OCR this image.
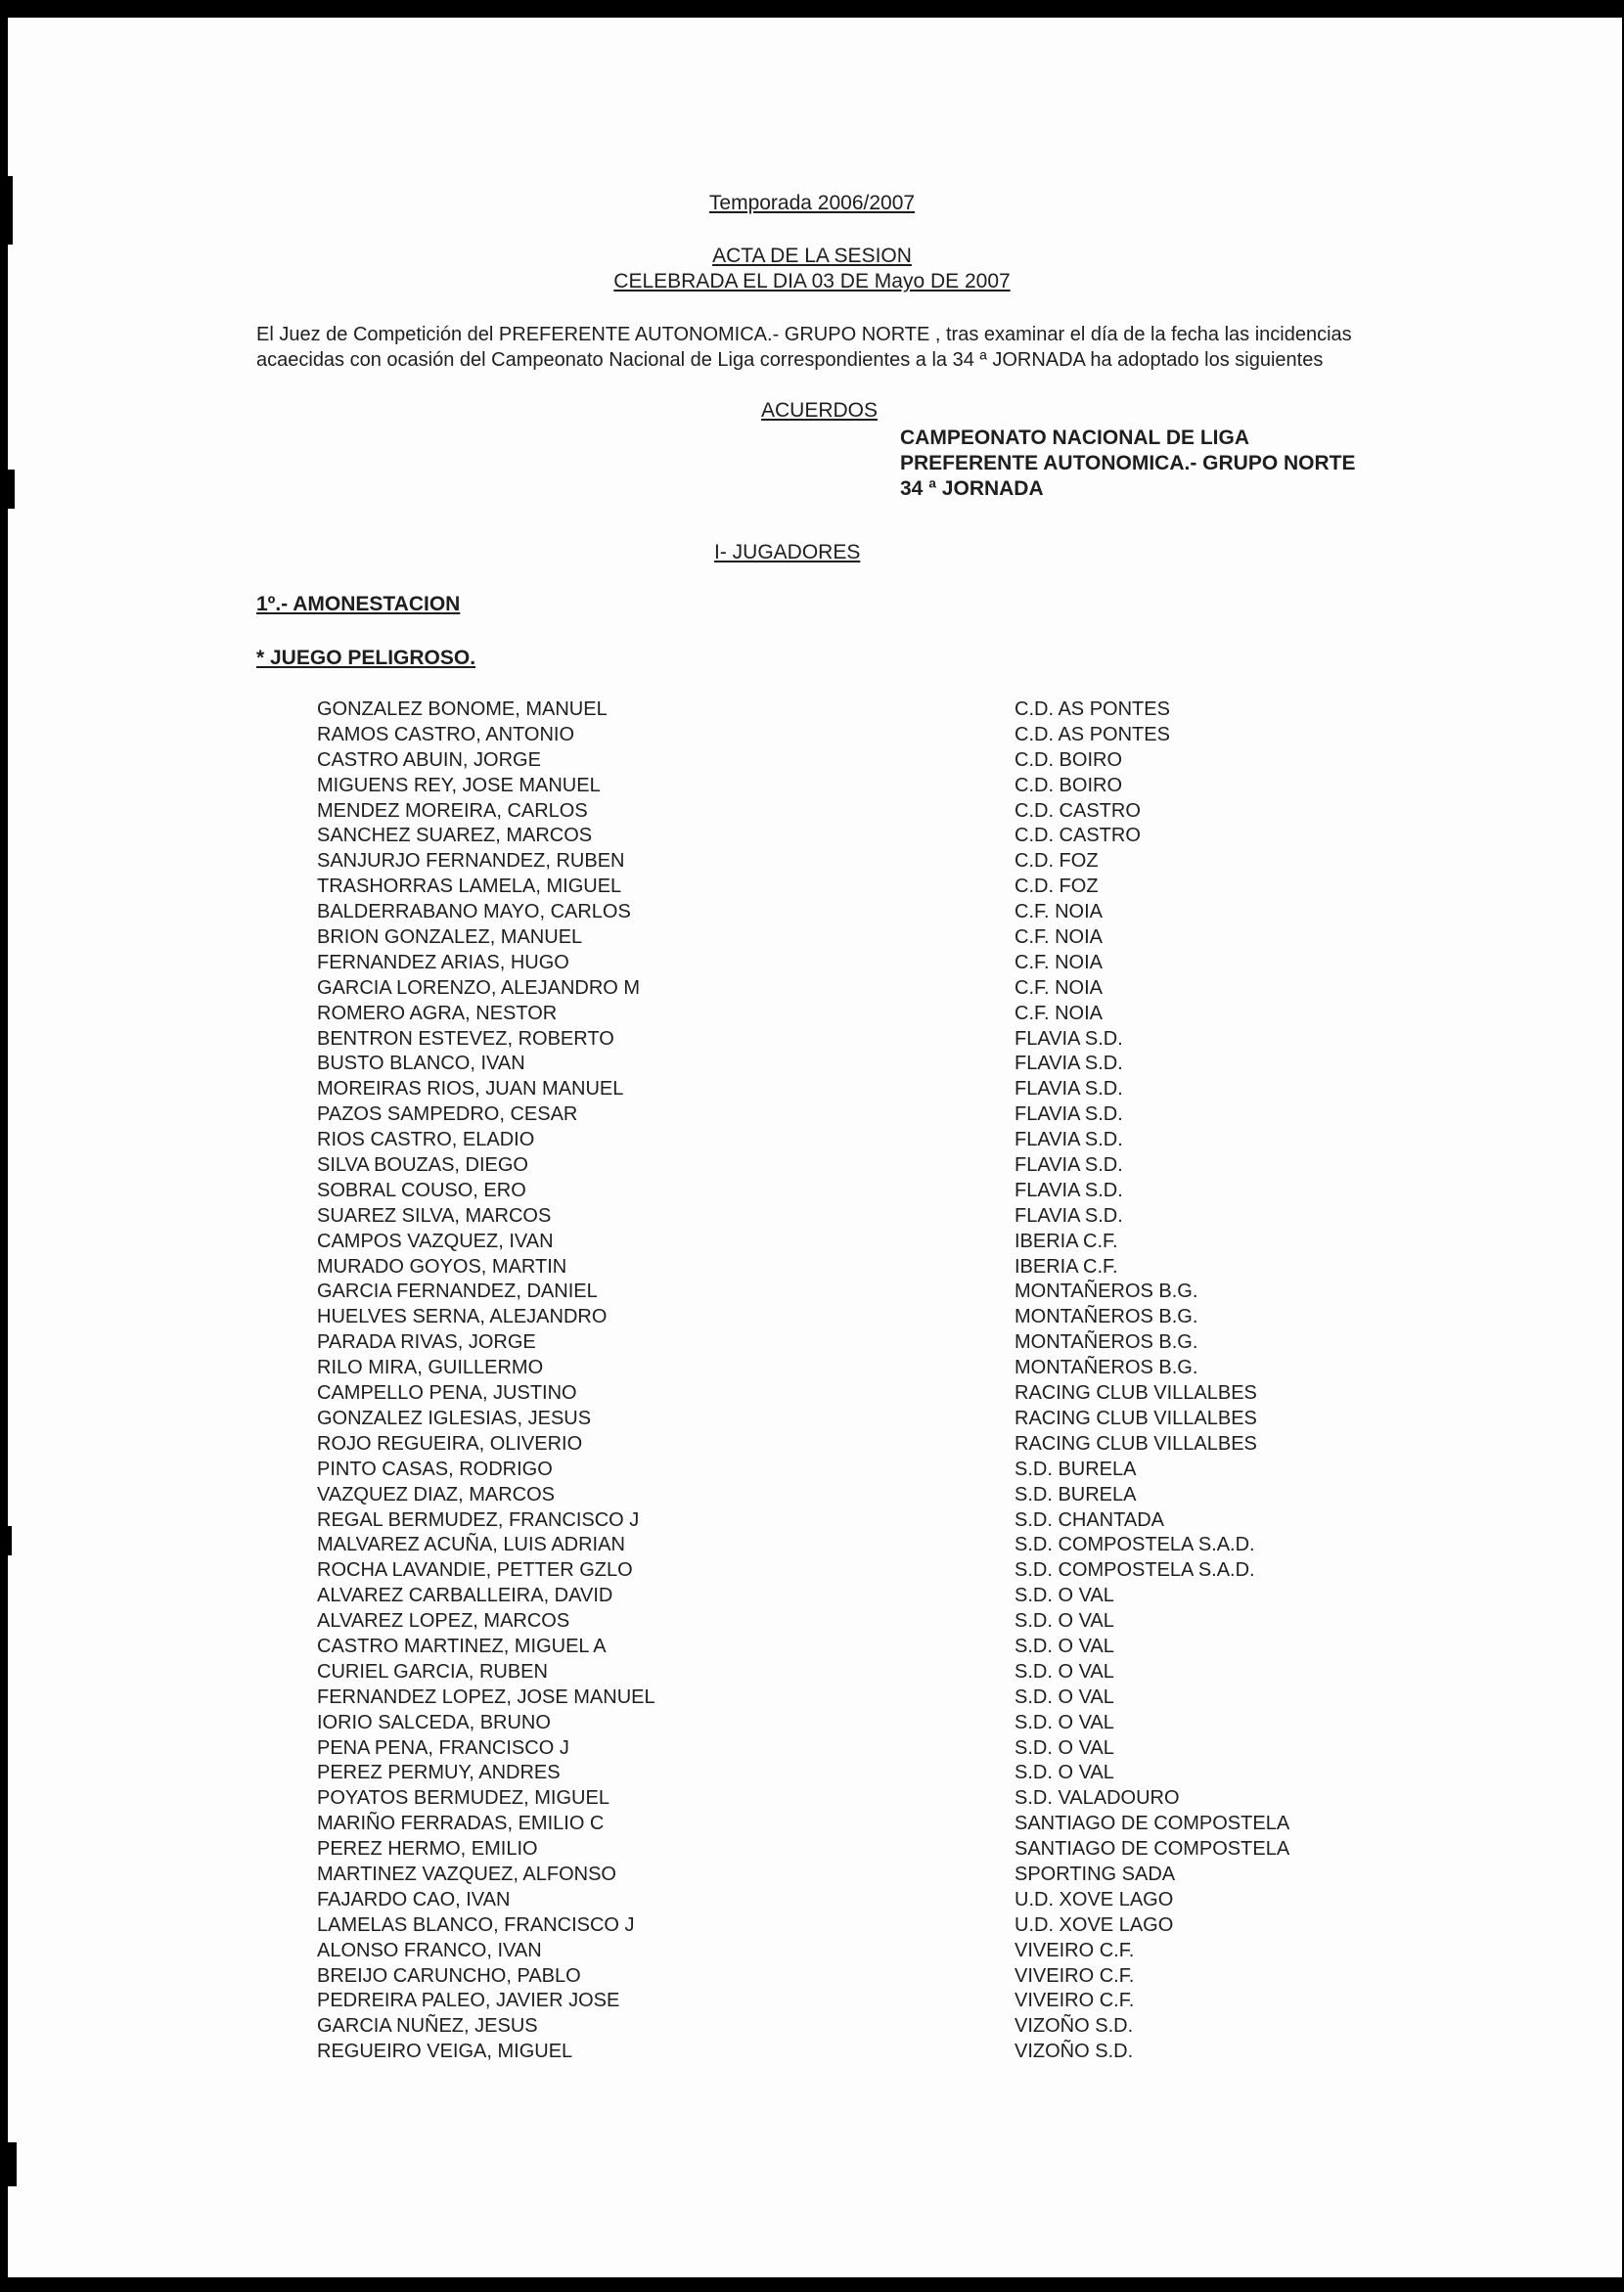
Temporada 2006/2007
ACTA DE LA SESION
CELEBRADA EL DIA 03 DE Mayo DE 2007
El Juez de Competición del PREFERENTE AUTONOMICA.- GRUPO NORTE , tras examinar el día de la fecha las incidencias
acaecidas con ocasión del Campeonato Nacional de Liga correspondientes a la 34 ª JORNADA ha adoptado los siguientes
ACUERDOS
CAMPEONATO NACIONAL DE LIGA
PREFERENTE AUTONOMICA.- GRUPO NORTE
34 ª JORNADA
I- JUGADORES
1º.- AMONESTACION
* JUEGO PELIGROSO.
GONZALEZ BONOME, MANUEL	C.D. AS PONTES
RAMOS CASTRO, ANTONIO	C.D. AS PONTES
CASTRO ABUIN, JORGE	C.D. BOIRO
MIGUENS REY, JOSE MANUEL	C.D. BOIRO
MENDEZ MOREIRA, CARLOS	C.D. CASTRO
SANCHEZ SUAREZ, MARCOS	C.D. CASTRO
SANJURJO FERNANDEZ, RUBEN	C.D. FOZ
TRASHORRAS LAMELA, MIGUEL	C.D. FOZ
BALDERRABANO MAYO, CARLOS	C.F. NOIA
BRION GONZALEZ, MANUEL	C.F. NOIA
FERNANDEZ ARIAS, HUGO	C.F. NOIA
GARCIA LORENZO, ALEJANDRO M	C.F. NOIA
ROMERO AGRA, NESTOR	C.F. NOIA
BENTRON ESTEVEZ, ROBERTO	FLAVIA S.D.
BUSTO BLANCO, IVAN	FLAVIA S.D.
MOREIRAS RIOS, JUAN MANUEL	FLAVIA S.D.
PAZOS SAMPEDRO, CESAR	FLAVIA S.D.
RIOS CASTRO, ELADIO	FLAVIA S.D.
SILVA BOUZAS, DIEGO	FLAVIA S.D.
SOBRAL COUSO, ERO	FLAVIA S.D.
SUAREZ SILVA, MARCOS	FLAVIA S.D.
CAMPOS VAZQUEZ, IVAN	IBERIA C.F.
MURADO GOYOS, MARTIN	IBERIA C.F.
GARCIA FERNANDEZ, DANIEL	MONTAÑEROS B.G.
HUELVES SERNA, ALEJANDRO	MONTAÑEROS B.G.
PARADA RIVAS, JORGE	MONTAÑEROS B.G.
RILO MIRA, GUILLERMO	MONTAÑEROS B.G.
CAMPELLO PENA, JUSTINO	RACING CLUB VILLALBES
GONZALEZ IGLESIAS, JESUS	RACING CLUB VILLALBES
ROJO REGUEIRA, OLIVERIO	RACING CLUB VILLALBES
PINTO CASAS, RODRIGO	S.D. BURELA
VAZQUEZ DIAZ, MARCOS	S.D. BURELA
REGAL BERMUDEZ, FRANCISCO J	S.D. CHANTADA
MALVAREZ ACUÑA, LUIS ADRIAN	S.D. COMPOSTELA S.A.D.
ROCHA LAVANDIE, PETTER GZLO	S.D. COMPOSTELA S.A.D.
ALVAREZ CARBALLEIRA, DAVID	S.D. O VAL
ALVAREZ LOPEZ, MARCOS	S.D. O VAL
CASTRO MARTINEZ, MIGUEL A	S.D. O VAL
CURIEL GARCIA, RUBEN	S.D. O VAL
FERNANDEZ LOPEZ, JOSE MANUEL	S.D. O VAL
IORIO SALCEDA, BRUNO	S.D. O VAL
PENA PENA, FRANCISCO J	S.D. O VAL
PEREZ PERMUY, ANDRES	S.D. O VAL
POYATOS BERMUDEZ, MIGUEL	S.D. VALADOURO
MARIÑO FERRADAS, EMILIO C	SANTIAGO DE COMPOSTELA
PEREZ HERMO, EMILIO	SANTIAGO DE COMPOSTELA
MARTINEZ VAZQUEZ, ALFONSO	SPORTING SADA
FAJARDO CAO, IVAN	U.D. XOVE LAGO
LAMELAS BLANCO, FRANCISCO J	U.D. XOVE LAGO
ALONSO FRANCO, IVAN	VIVEIRO C.F.
BREIJO CARUNCHO, PABLO	VIVEIRO C.F.
PEDREIRA PALEO, JAVIER JOSE	VIVEIRO C.F.
GARCIA NUÑEZ, JESUS	VIZOÑO S.D.
REGUEIRO VEIGA, MIGUEL	VIZOÑO S.D.
